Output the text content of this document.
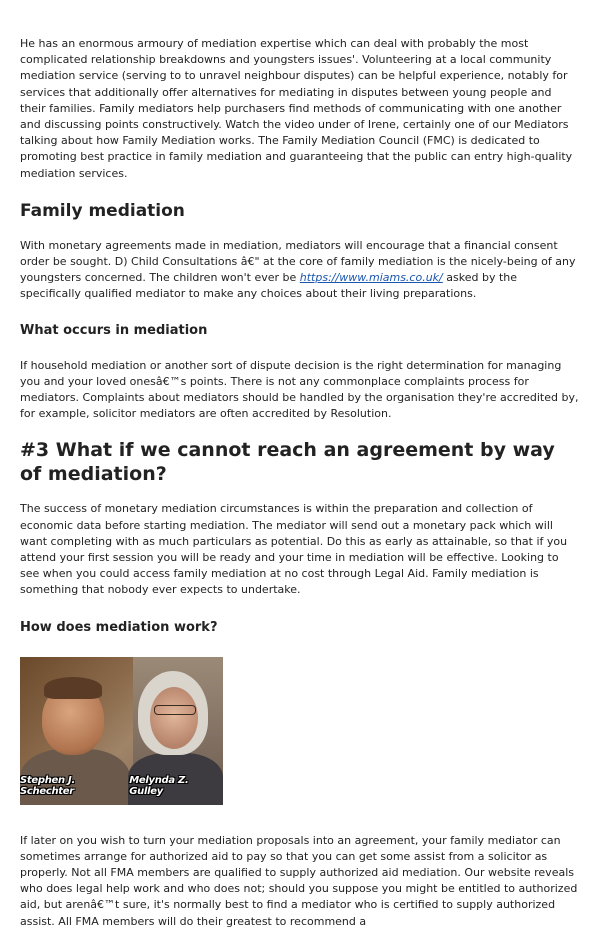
He has an enormous armoury of mediation expertise which can deal with probably the most complicated relationship breakdowns and youngsters issues'. Volunteering at a local community mediation service (serving to to unravel neighbour disputes) can be helpful experience, notably for services that additionally offer alternatives for mediating in disputes between young people and their families. Family mediators help purchasers find methods of communicating with one another and discussing points constructively. Watch the video under of Irene, certainly one of our Mediators talking about how Family Mediation works. The Family Mediation Council (FMC) is dedicated to promoting best practice in family mediation and guaranteeing that the public can entry high-quality mediation services.

Family mediation

With monetary agreements made in mediation, mediators will encourage that a financial consent order be sought. D) Child Consultations â€" at the core of family mediation is the nicely-being of any youngsters concerned. The children won't ever be https://www.miams.co.uk/ asked by the specifically qualified mediator to make any choices about their living preparations.

What occurs in mediation

If household mediation or another sort of dispute decision is the right determination for managing you and your loved onesâ€™s points. There is not any commonplace complaints process for mediators. Complaints about mediators should be handled by the organisation they're accredited by, for example, solicitor mediators are often accredited by Resolution.

#3 What if we cannot reach an agreement by way of mediation?

The success of monetary mediation circumstances is within the preparation and collection of economic data before starting mediation. The mediator will send out a monetary pack which will want completing with as much particulars as potential. Do this as early as attainable, so that if you attend your first session you will be ready and your time in mediation will be effective. Looking to see when you could access family mediation at no cost through Legal Aid. Family mediation is something that nobody ever expects to undertake.

How does mediation work?
Stephen J. Schechter
Melynda Z. Gulley

If later on you wish to turn your mediation proposals into an agreement, your family mediator can sometimes arrange for authorized aid to pay so that you can get some assist from a solicitor as properly. Not all FMA members are qualified to supply authorized aid mediation. Our website reveals who does legal help work and who does not; should you suppose you might be entitled to authorized aid, but arenâ€™t sure, it's normally best to find a mediator who is certified to supply authorized assist. All FMA members will do their greatest to recommend a
